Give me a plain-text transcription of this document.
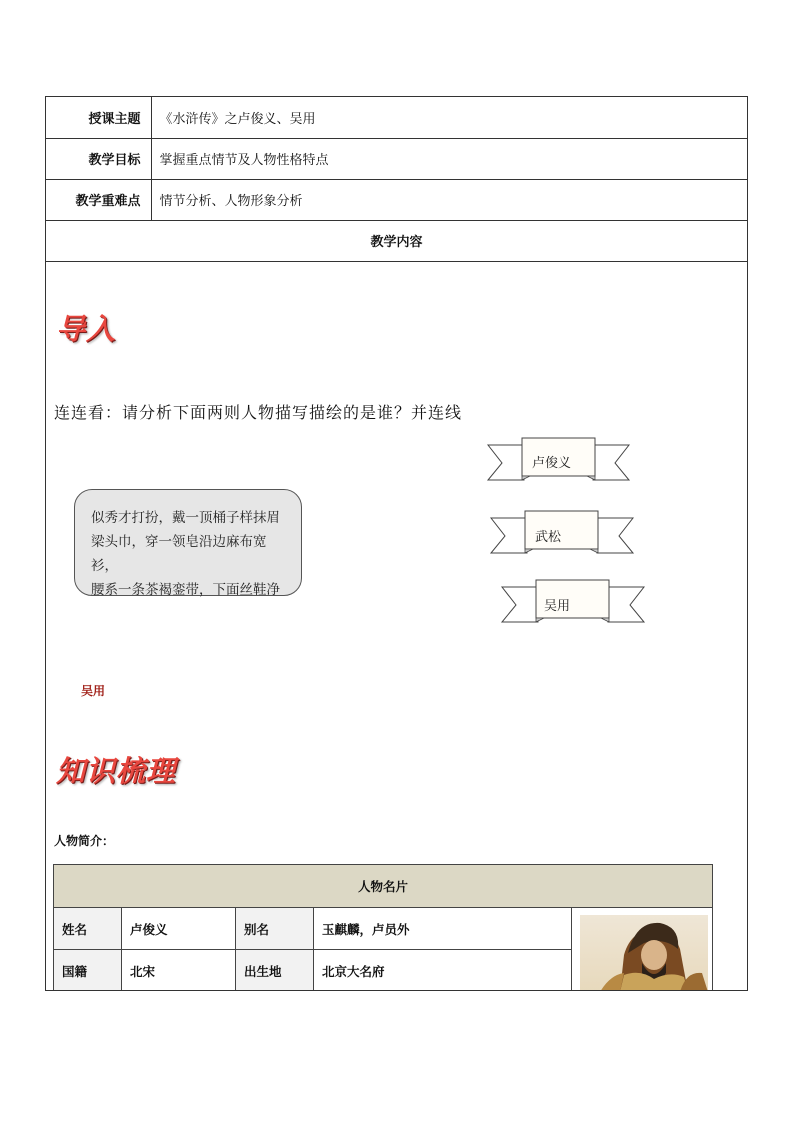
授课主题	《水浒传》之卢俊义、吴用
教学目标	掌握重点情节及人物性格特点
教学重难点	情节分析、人物形象分析
教学内容	
导入
连连看：请分析下面两则人物描写描绘的是谁？并连线
似秀才打扮，戴一顶桶子样抹眉
梁头巾，穿一领皂沿边麻布宽衫，
腰系一条茶褐銮带，下面丝鞋净
卢俊义
武松
吴用
吴用
知识梳理
人物简介：
人物名片				
姓名	卢俊义	别名	玉麒麟，卢员外	
国籍	北宋	出生地	北京大名府	
